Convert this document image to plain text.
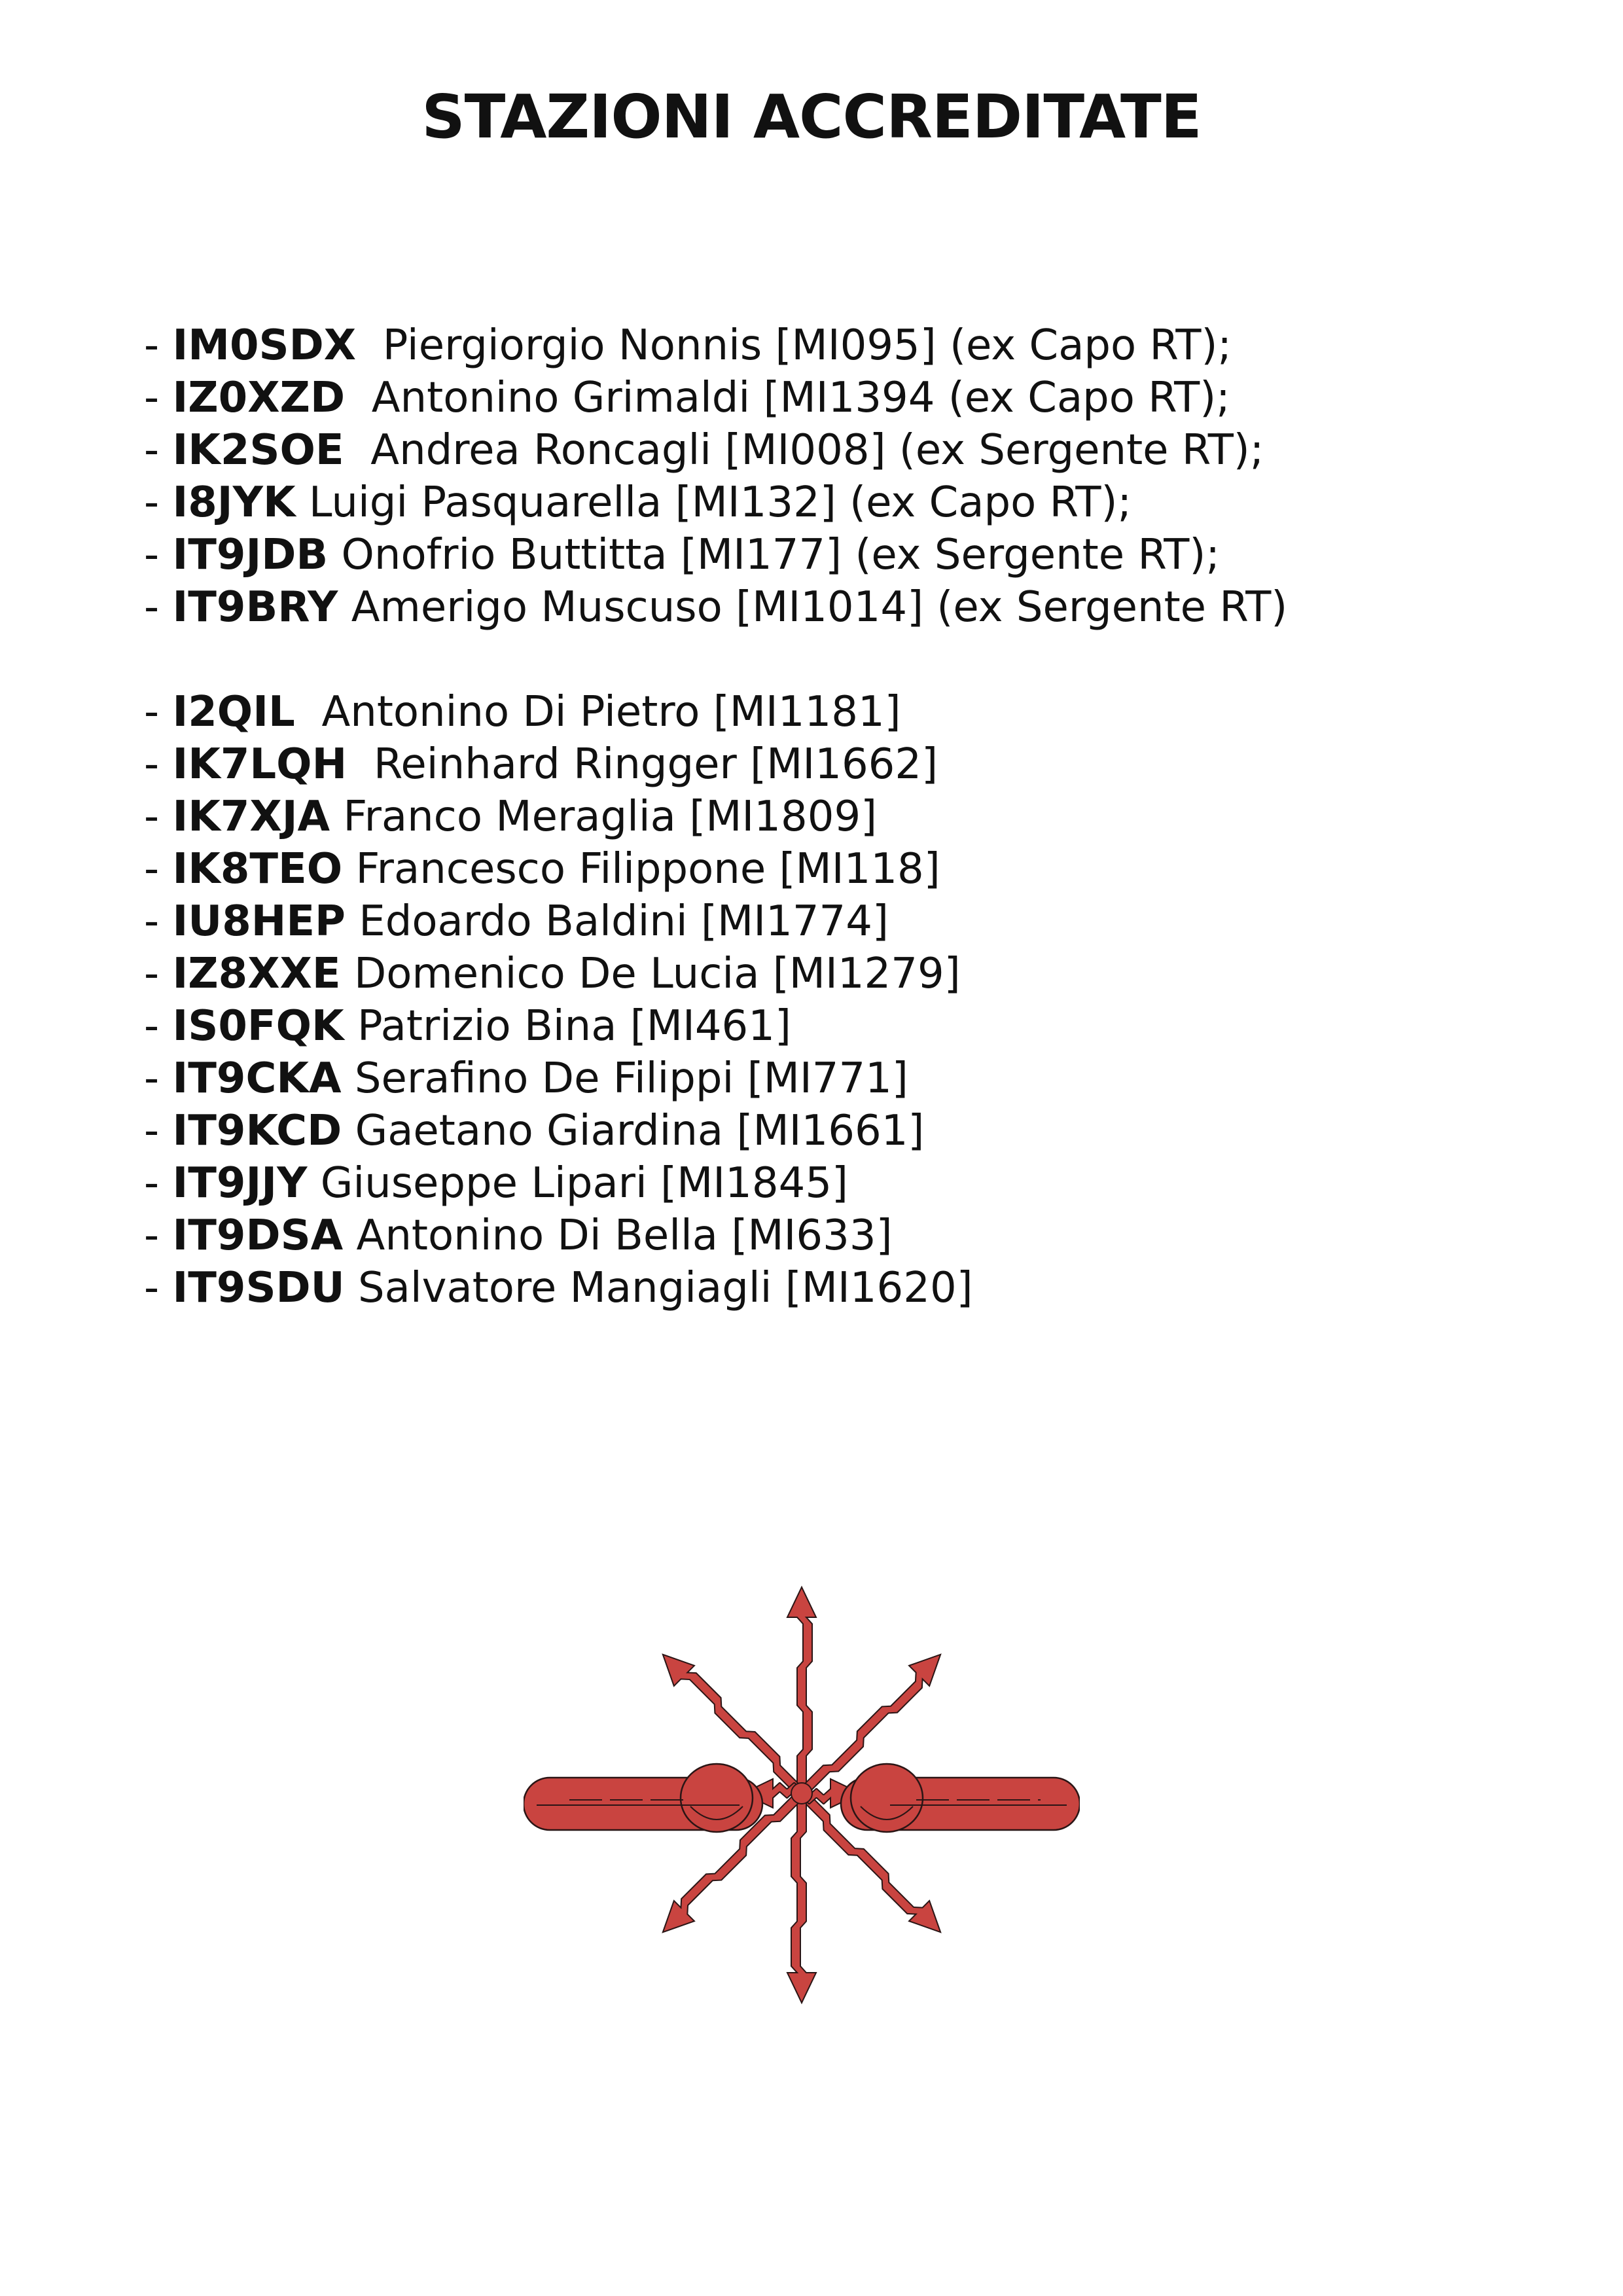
STAZIONI ACCREDITATE
- IM0SDX  Piergiorgio Nonnis [MI095] (ex Capo RT);
- IZ0XZD  Antonino Grimaldi [MI1394 (ex Capo RT);
- IK2SOE  Andrea Roncagli [MI008] (ex Sergente RT);
- I8JYK Luigi Pasquarella [MI132] (ex Capo RT);
- IT9JDB Onofrio Buttitta [MI177] (ex Sergente RT);
- IT9BRY Amerigo Muscuso [MI1014] (ex Sergente RT)
- I2QIL  Antonino Di Pietro [MI1181]
- IK7LQH  Reinhard Ringger [MI1662]
- IK7XJA Franco Meraglia [MI1809]
- IK8TEO Francesco Filippone [MI118]
- IU8HEP Edoardo Baldini [MI1774]
- IZ8XXE Domenico De Lucia [MI1279]
- IS0FQK Patrizio Bina [MI461]
- IT9CKA Serafino De Filippi [MI771]
- IT9KCD Gaetano Giardina [MI1661]
- IT9JJY Giuseppe Lipari [MI1845]
- IT9DSA Antonino Di Bella [MI633]
- IT9SDU Salvatore Mangiagli [MI1620]
